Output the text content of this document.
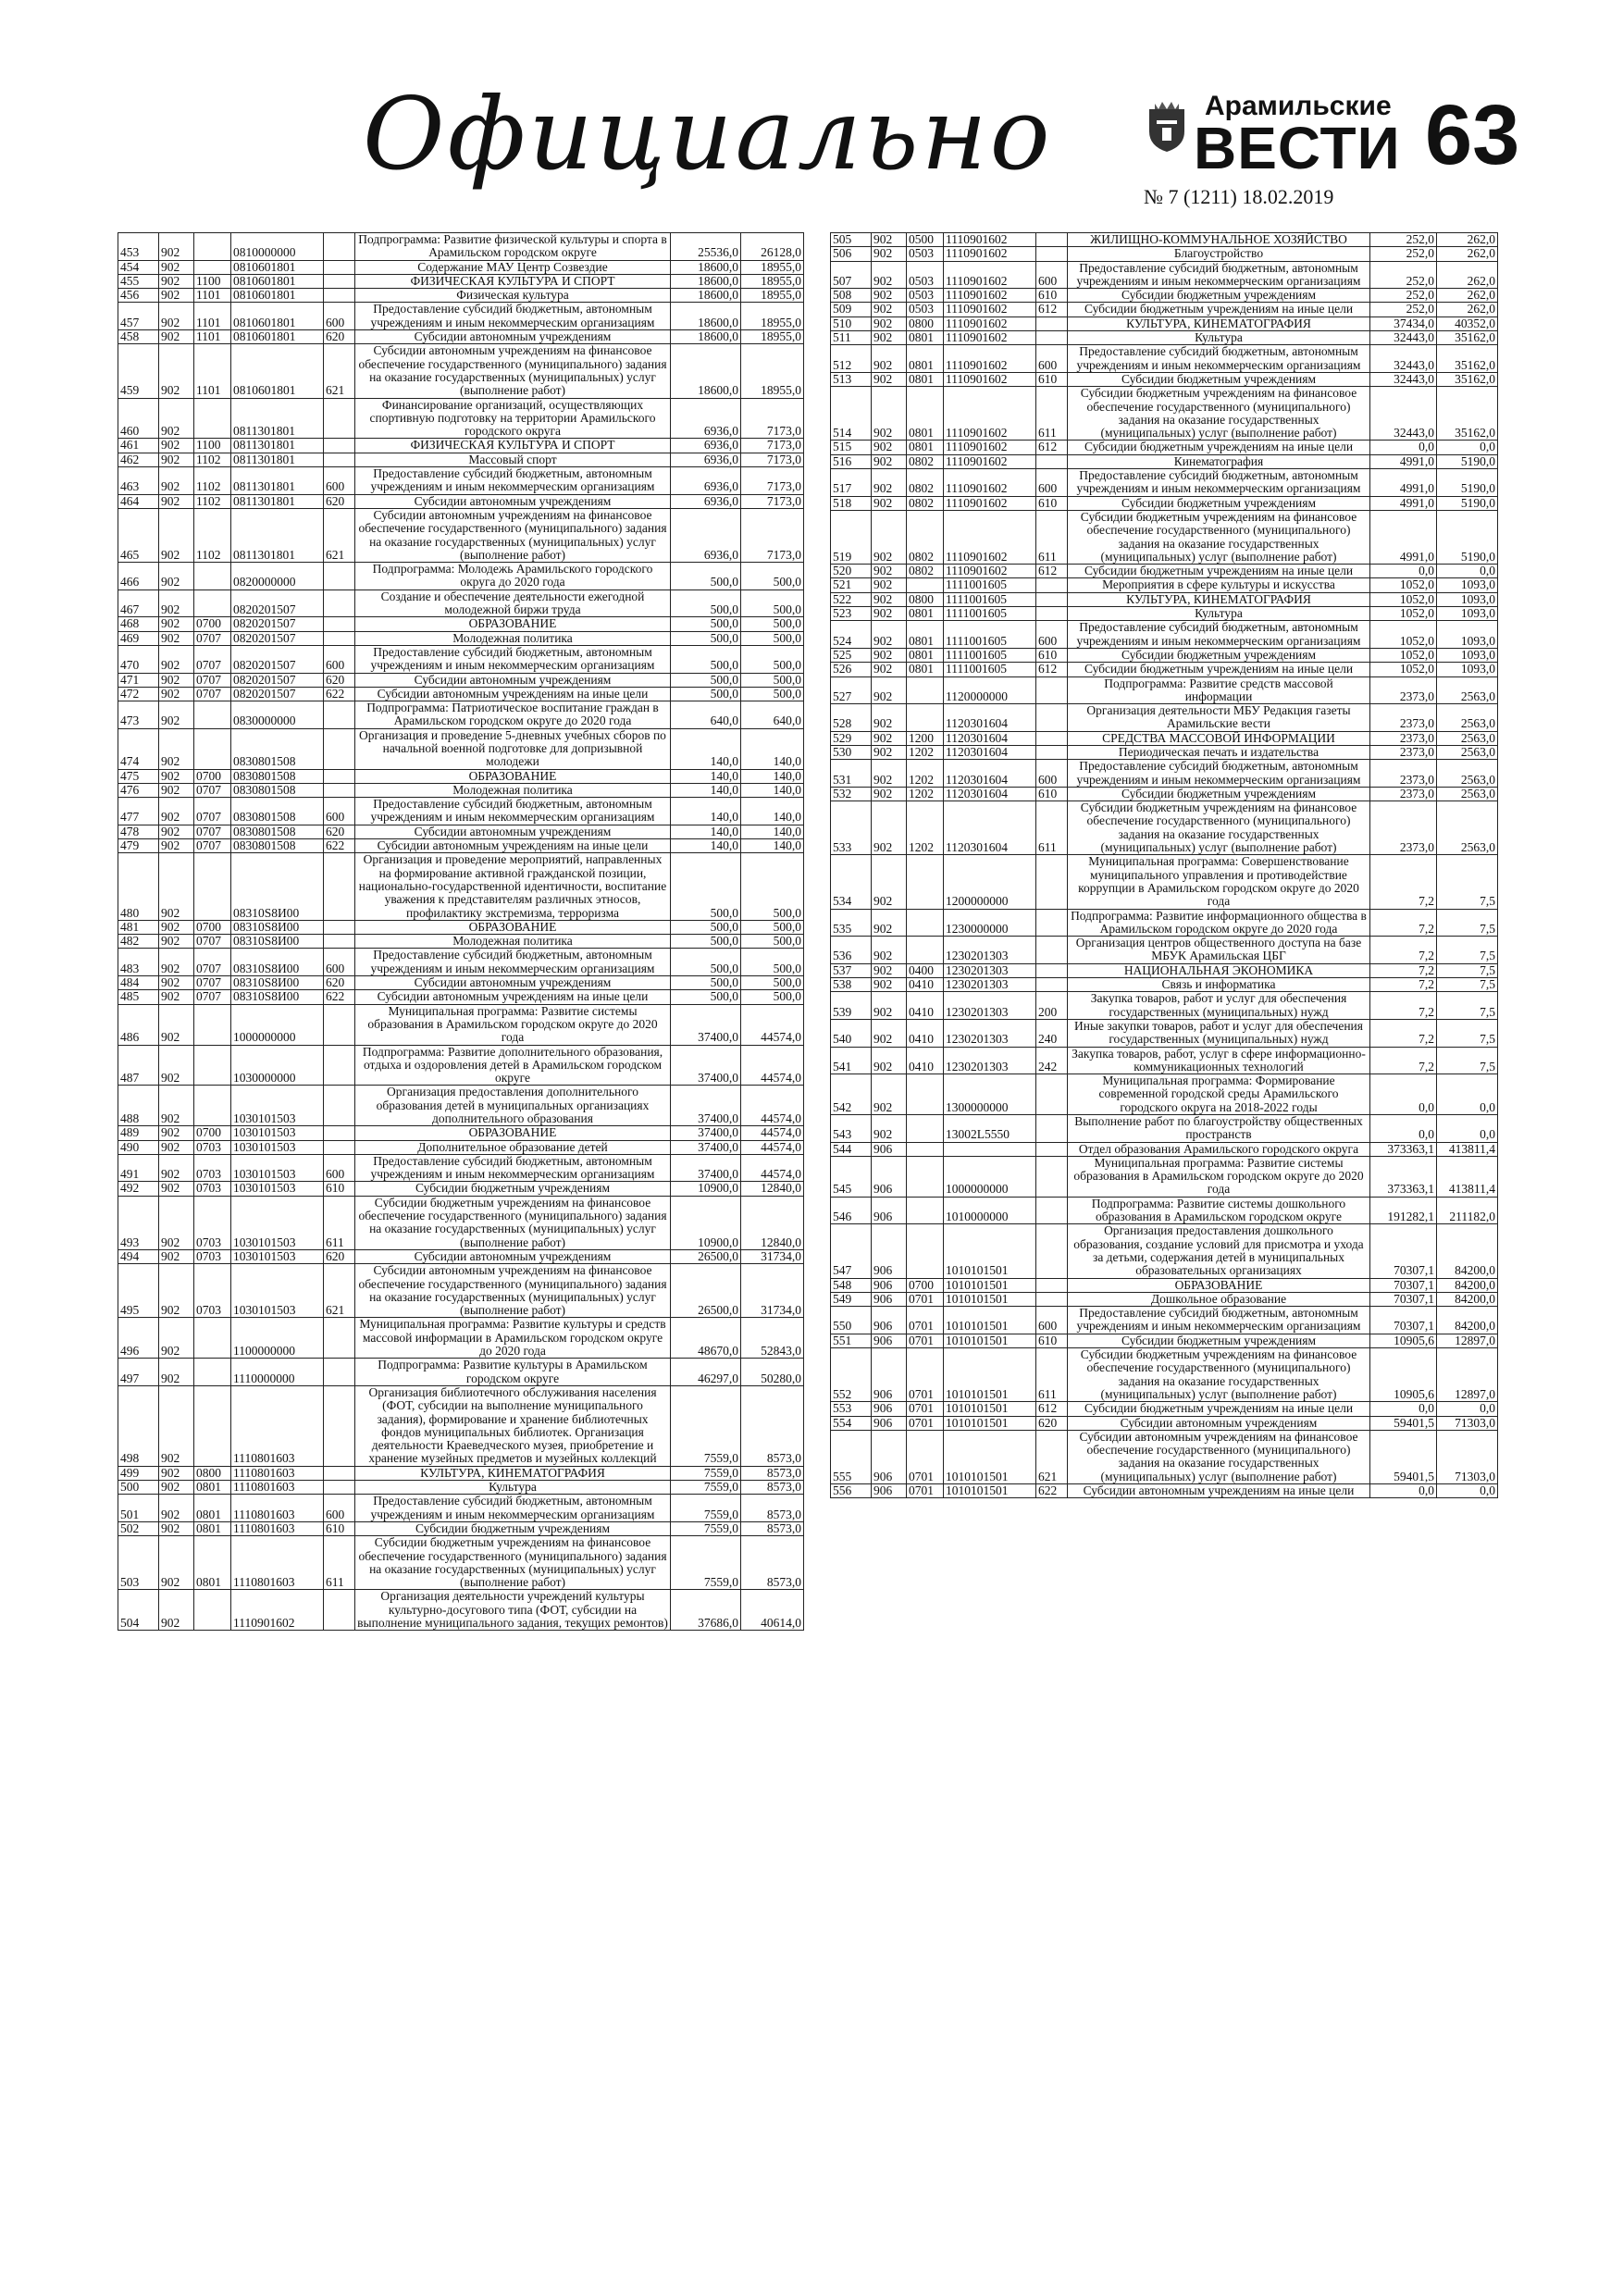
Официально	Арамильские
ВЕСТИ
№ 7 (1211) 18.02.2019
63
453	902		0810000000		Подпрограмма: Развитие физической культуры и спорта в Арамильском городском округе	25536,0	26128,0
454	902		0810601801		Содержание МАУ Центр Созвездие	18600,0	18955,0
455	902	1100	0810601801		ФИЗИЧЕСКАЯ КУЛЬТУРА И СПОРТ	18600,0	18955,0
456	902	1101	0810601801		Физическая культура	18600,0	18955,0
457	902	1101	0810601801	600	Предоставление субсидий бюджетным, автономным учреждениям и иным некоммерческим организациям	18600,0	18955,0
458	902	1101	0810601801	620	Субсидии автономным учреждениям	18600,0	18955,0
459	902	1101	0810601801	621	Субсидии автономным учреждениям на финансовое обеспечение государственного (муниципального) задания на оказание государственных (муниципальных) услуг (выполнение работ)	18600,0	18955,0
460	902		0811301801		Финансирование организаций, осуществляющих спортивную подготовку на территории Арамильского городского округа	6936,0	7173,0
461	902	1100	0811301801		ФИЗИЧЕСКАЯ КУЛЬТУРА И СПОРТ	6936,0	7173,0
462	902	1102	0811301801		Массовый спорт	6936,0	7173,0
463	902	1102	0811301801	600	Предоставление субсидий бюджетным, автономным учреждениям и иным некоммерческим организациям	6936,0	7173,0
464	902	1102	0811301801	620	Субсидии автономным учреждениям	6936,0	7173,0
465	902	1102	0811301801	621	Субсидии автономным учреждениям на финансовое обеспечение государственного (муниципального) задания на оказание государственных (муниципальных) услуг (выполнение работ)	6936,0	7173,0
466	902		0820000000		Подпрограмма: Молодежь Арамильского городского округа до 2020 года	500,0	500,0
467	902		0820201507		Создание и обеспечение деятельности ежегодной молодежной биржи труда	500,0	500,0
468	902	0700	0820201507		ОБРАЗОВАНИЕ	500,0	500,0
469	902	0707	0820201507		Молодежная политика	500,0	500,0
470	902	0707	0820201507	600	Предоставление субсидий бюджетным, автономным учреждениям и иным некоммерческим организациям	500,0	500,0
471	902	0707	0820201507	620	Субсидии автономным учреждениям	500,0	500,0
472	902	0707	0820201507	622	Субсидии автономным учреждениям на иные цели	500,0	500,0
473	902		0830000000		Подпрограмма: Патриотическое воспитание граждан в Арамильском городском округе до 2020 года	640,0	640,0
474	902		0830801508		Организация и проведение 5-дневных учебных сборов по начальной военной подготовке для допризывной молодежи	140,0	140,0
475	902	0700	0830801508		ОБРАЗОВАНИЕ	140,0	140,0
476	902	0707	0830801508		Молодежная политика	140,0	140,0
477	902	0707	0830801508	600	Предоставление субсидий бюджетным, автономным учреждениям и иным некоммерческим организациям	140,0	140,0
478	902	0707	0830801508	620	Субсидии автономным учреждениям	140,0	140,0
479	902	0707	0830801508	622	Субсидии автономным учреждениям на иные цели	140,0	140,0
480	902		08310S8И00		Организация и проведение мероприятий, направленных на формирование активной гражданской позиции, национально-государственной идентичности, воспитание уважения к представителям различных этносов, профилактику экстремизма, терроризма	500,0	500,0
481	902	0700	08310S8И00		ОБРАЗОВАНИЕ	500,0	500,0
482	902	0707	08310S8И00		Молодежная политика	500,0	500,0
483	902	0707	08310S8И00	600	Предоставление субсидий бюджетным, автономным учреждениям и иным некоммерческим организациям	500,0	500,0
484	902	0707	08310S8И00	620	Субсидии автономным учреждениям	500,0	500,0
485	902	0707	08310S8И00	622	Субсидии автономным учреждениям на иные цели	500,0	500,0
486	902		1000000000		Муниципальная программа: Развитие системы образования в Арамильском городском округе до 2020 года	37400,0	44574,0
487	902		1030000000		Подпрограмма: Развитие дополнительного образования, отдыха и оздоровления детей в Арамильском городском округе	37400,0	44574,0
488	902		1030101503		Организация предоставления дополнительного образования детей в муниципальных организациях дополнительного образования	37400,0	44574,0
489	902	0700	1030101503		ОБРАЗОВАНИЕ	37400,0	44574,0
490	902	0703	1030101503		Дополнительное образование детей	37400,0	44574,0
491	902	0703	1030101503	600	Предоставление субсидий бюджетным, автономным учреждениям и иным некоммерческим организациям	37400,0	44574,0
492	902	0703	1030101503	610	Субсидии бюджетным учреждениям	10900,0	12840,0
493	902	0703	1030101503	611	Субсидии бюджетным учреждениям на финансовое обеспечение государственного (муниципального) задания на оказание государственных (муниципальных) услуг (выполнение работ)	10900,0	12840,0
494	902	0703	1030101503	620	Субсидии автономным учреждениям	26500,0	31734,0
495	902	0703	1030101503	621	Субсидии автономным учреждениям на финансовое обеспечение государственного (муниципального) задания на оказание государственных (муниципальных) услуг (выполнение работ)	26500,0	31734,0
496	902		1100000000		Муниципальная программа: Развитие культуры и средств массовой информации в Арамильском городском округе до 2020 года	48670,0	52843,0
497	902		1110000000		Подпрограмма: Развитие культуры в Арамильском городском округе	46297,0	50280,0
498	902		1110801603		Организация библиотечного обслуживания населения (ФОТ, субсидии на выполнение муниципального задания), формирование и хранение библиотечных фондов муниципальных библиотек. Организация деятельности Краеведческого музея, приобретение и хранение музейных предметов и музейных коллекций	7559,0	8573,0
499	902	0800	1110801603		КУЛЬТУРА, КИНЕМАТОГРАФИЯ	7559,0	8573,0
500	902	0801	1110801603		Культура	7559,0	8573,0
501	902	0801	1110801603	600	Предоставление субсидий бюджетным, автономным учреждениям и иным некоммерческим организациям	7559,0	8573,0
502	902	0801	1110801603	610	Субсидии бюджетным учреждениям	7559,0	8573,0
503	902	0801	1110801603	611	Субсидии бюджетным учреждениям на финансовое обеспечение государственного (муниципального) задания на оказание государственных (муниципальных) услуг (выполнение работ)	7559,0	8573,0
504	902		1110901602		Организация деятельности учреждений культуры культурно-досугового типа (ФОТ, субсидии на выполнение муниципального задания, текущих ремонтов)	37686,0	40614,0
505	902	0500	1110901602		ЖИЛИЩНО-КОММУНАЛЬНОЕ ХОЗЯЙСТВО	252,0	262,0
506	902	0503	1110901602		Благоустройство	252,0	262,0
507	902	0503	1110901602	600	Предоставление субсидий бюджетным, автономным учреждениям и иным некоммерческим организациям	252,0	262,0
508	902	0503	1110901602	610	Субсидии бюджетным учреждениям	252,0	262,0
509	902	0503	1110901602	612	Субсидии бюджетным учреждениям на иные цели	252,0	262,0
510	902	0800	1110901602		КУЛЬТУРА, КИНЕМАТОГРАФИЯ	37434,0	40352,0
511	902	0801	1110901602		Культура	32443,0	35162,0
512	902	0801	1110901602	600	Предоставление субсидий бюджетным, автономным учреждениям и иным некоммерческим организациям	32443,0	35162,0
513	902	0801	1110901602	610	Субсидии бюджетным учреждениям	32443,0	35162,0
514	902	0801	1110901602	611	Субсидии бюджетным учреждениям на финансовое обеспечение государственного (муниципального) задания на оказание государственных (муниципальных) услуг (выполнение работ)	32443,0	35162,0
515	902	0801	1110901602	612	Субсидии бюджетным учреждениям на иные цели	0,0	0,0
516	902	0802	1110901602		Кинематография	4991,0	5190,0
517	902	0802	1110901602	600	Предоставление субсидий бюджетным, автономным учреждениям и иным некоммерческим организациям	4991,0	5190,0
518	902	0802	1110901602	610	Субсидии бюджетным учреждениям	4991,0	5190,0
519	902	0802	1110901602	611	Субсидии бюджетным учреждениям на финансовое обеспечение государственного (муниципального) задания на оказание государственных (муниципальных) услуг (выполнение работ)	4991,0	5190,0
520	902	0802	1110901602	612	Субсидии бюджетным учреждениям на иные цели	0,0	0,0
521	902		1111001605		Мероприятия в сфере культуры и искусства	1052,0	1093,0
522	902	0800	1111001605		КУЛЬТУРА, КИНЕМАТОГРАФИЯ	1052,0	1093,0
523	902	0801	1111001605		Культура	1052,0	1093,0
524	902	0801	1111001605	600	Предоставление субсидий бюджетным, автономным учреждениям и иным некоммерческим организациям	1052,0	1093,0
525	902	0801	1111001605	610	Субсидии бюджетным учреждениям	1052,0	1093,0
526	902	0801	1111001605	612	Субсидии бюджетным учреждениям на иные цели	1052,0	1093,0
527	902		1120000000		Подпрограмма: Развитие средств массовой информации	2373,0	2563,0
528	902		1120301604		Организация деятельности МБУ Редакция газеты Арамильские вести	2373,0	2563,0
529	902	1200	1120301604		СРЕДСТВА МАССОВОЙ ИНФОРМАЦИИ	2373,0	2563,0
530	902	1202	1120301604		Периодическая печать и издательства	2373,0	2563,0
531	902	1202	1120301604	600	Предоставление субсидий бюджетным, автономным учреждениям и иным некоммерческим организациям	2373,0	2563,0
532	902	1202	1120301604	610	Субсидии бюджетным учреждениям	2373,0	2563,0
533	902	1202	1120301604	611	Субсидии бюджетным учреждениям на финансовое обеспечение государственного (муниципального) задания на оказание государственных (муниципальных) услуг (выполнение работ)	2373,0	2563,0
534	902		1200000000		Муниципальная программа: Совершенствование муниципального управления и противодействие коррупции в Арамильском городском округе до 2020 года	7,2	7,5
535	902		1230000000		Подпрограмма: Развитие информационного общества в Арамильском городском округе до 2020 года	7,2	7,5
536	902		1230201303		Организация центров общественного доступа на базе МБУК Арамильская ЦБГ	7,2	7,5
537	902	0400	1230201303		НАЦИОНАЛЬНАЯ ЭКОНОМИКА	7,2	7,5
538	902	0410	1230201303		Связь и информатика	7,2	7,5
539	902	0410	1230201303	200	Закупка товаров, работ и услуг для обеспечения государственных (муниципальных) нужд	7,2	7,5
540	902	0410	1230201303	240	Иные закупки товаров, работ и услуг для обеспечения государственных (муниципальных) нужд	7,2	7,5
541	902	0410	1230201303	242	Закупка товаров, работ, услуг в сфере информационно-коммуникационных технологий	7,2	7,5
542	902		1300000000		Муниципальная программа: Формирование современной городской среды Арамильского городского округа на 2018-2022 годы	0,0	0,0
543	902		13002L5550		Выполнение работ по благоустройству общественных пространств	0,0	0,0
544	906				Отдел образования Арамильского городского округа	373363,1	413811,4
545	906		1000000000		Муниципальная программа: Развитие системы образования в Арамильском городском округе до 2020 года	373363,1	413811,4
546	906		1010000000		Подпрограмма: Развитие системы дошкольного образования в Арамильском городском округе	191282,1	211182,0
547	906		1010101501		Организация предоставления дошкольного образования, создание условий для присмотра и ухода за детьми, содержания детей в муниципальных образовательных организациях	70307,1	84200,0
548	906	0700	1010101501		ОБРАЗОВАНИЕ	70307,1	84200,0
549	906	0701	1010101501		Дошкольное образование	70307,1	84200,0
550	906	0701	1010101501	600	Предоставление субсидий бюджетным, автономным учреждениям и иным некоммерческим организациям	70307,1	84200,0
551	906	0701	1010101501	610	Субсидии бюджетным учреждениям	10905,6	12897,0
552	906	0701	1010101501	611	Субсидии бюджетным учреждениям на финансовое обеспечение государственного (муниципального) задания на оказание государственных (муниципальных) услуг (выполнение работ)	10905,6	12897,0
553	906	0701	1010101501	612	Субсидии бюджетным учреждениям на иные цели	0,0	0,0
554	906	0701	1010101501	620	Субсидии автономным учреждениям	59401,5	71303,0
555	906	0701	1010101501	621	Субсидии автономным учреждениям на финансовое обеспечение государственного (муниципального) задания на оказание государственных (муниципальных) услуг (выполнение работ)	59401,5	71303,0
556	906	0701	1010101501	622	Субсидии автономным учреждениям на иные цели	0,0	0,0
